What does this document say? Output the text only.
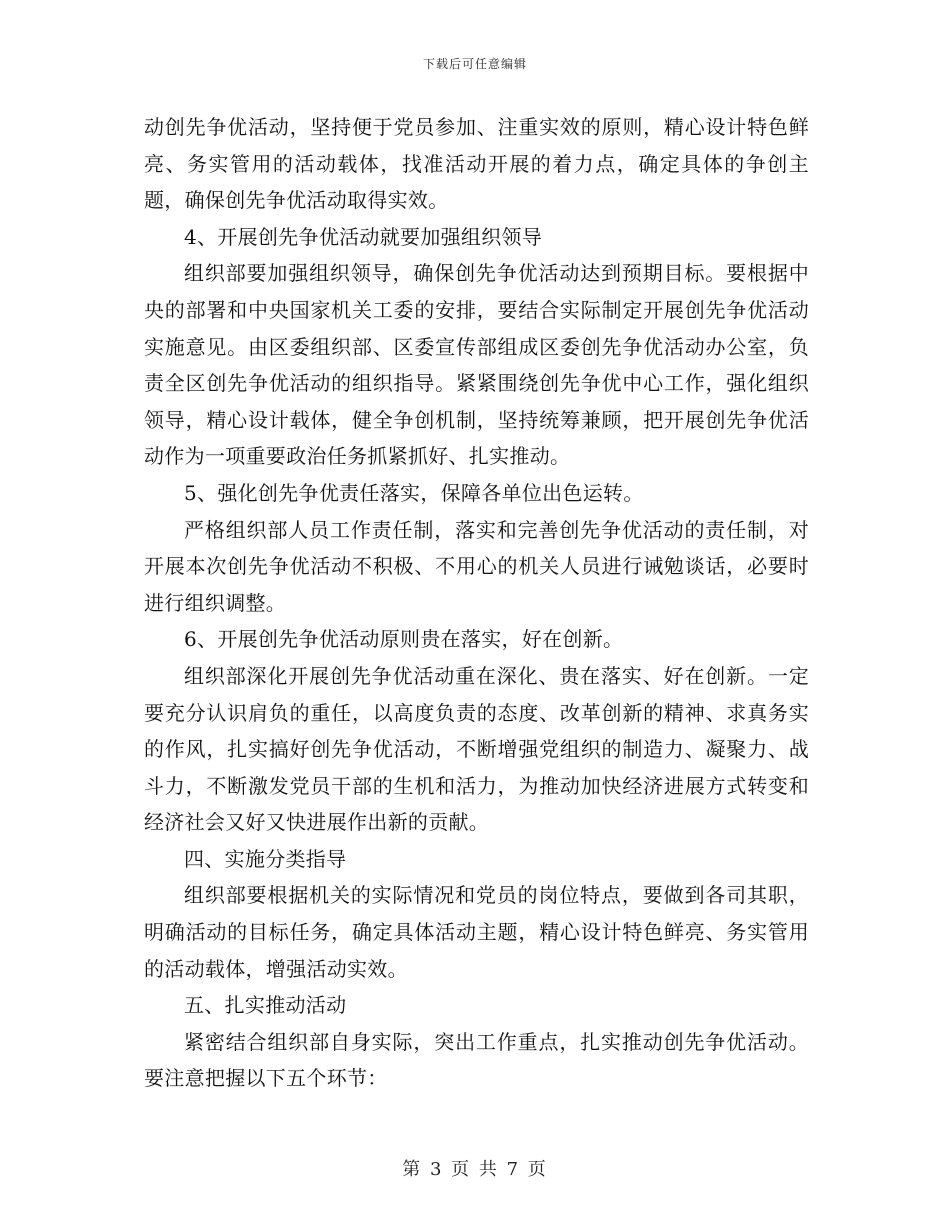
下载后可任意编辑

动创先争优活动，坚持便于党员参加、注重实效的原则，精心设计特色鲜亮、务实管用的活动载体，找准活动开展的着力点，确定具体的争创主题，确保创先争优活动取得实效。

4、开展创先争优活动就要加强组织领导

组织部要加强组织领导，确保创先争优活动达到预期目标。要根据中央的部署和中央国家机关工委的安排，要结合实际制定开展创先争优活动实施意见。由区委组织部、区委宣传部组成区委创先争优活动办公室，负责全区创先争优活动的组织指导。紧紧围绕创先争优中心工作，强化组织领导，精心设计载体，健全争创机制，坚持统筹兼顾，把开展创先争优活动作为一项重要政治任务抓紧抓好、扎实推动。

5、强化创先争优责任落实，保障各单位出色运转。

严格组织部人员工作责任制，落实和完善创先争优活动的责任制，对开展本次创先争优活动不积极、不用心的机关人员进行诫勉谈话，必要时进行组织调整。

6、开展创先争优活动原则贵在落实，好在创新。

组织部深化开展创先争优活动重在深化、贵在落实、好在创新。一定要充分认识肩负的重任，以高度负责的态度、改革创新的精神、求真务实的作风，扎实搞好创先争优活动，不断增强党组织的制造力、凝聚力、战斗力，不断激发党员干部的生机和活力，为推动加快经济进展方式转变和经济社会又好又快进展作出新的贡献。

四、实施分类指导

组织部要根据机关的实际情况和党员的岗位特点，要做到各司其职，明确活动的目标任务，确定具体活动主题，精心设计特色鲜亮、务实管用的活动载体，增强活动实效。

五、扎实推动活动

紧密结合组织部自身实际，突出工作重点，扎实推动创先争优活动。要注意把握以下五个环节：

第 3 页 共 7 页
